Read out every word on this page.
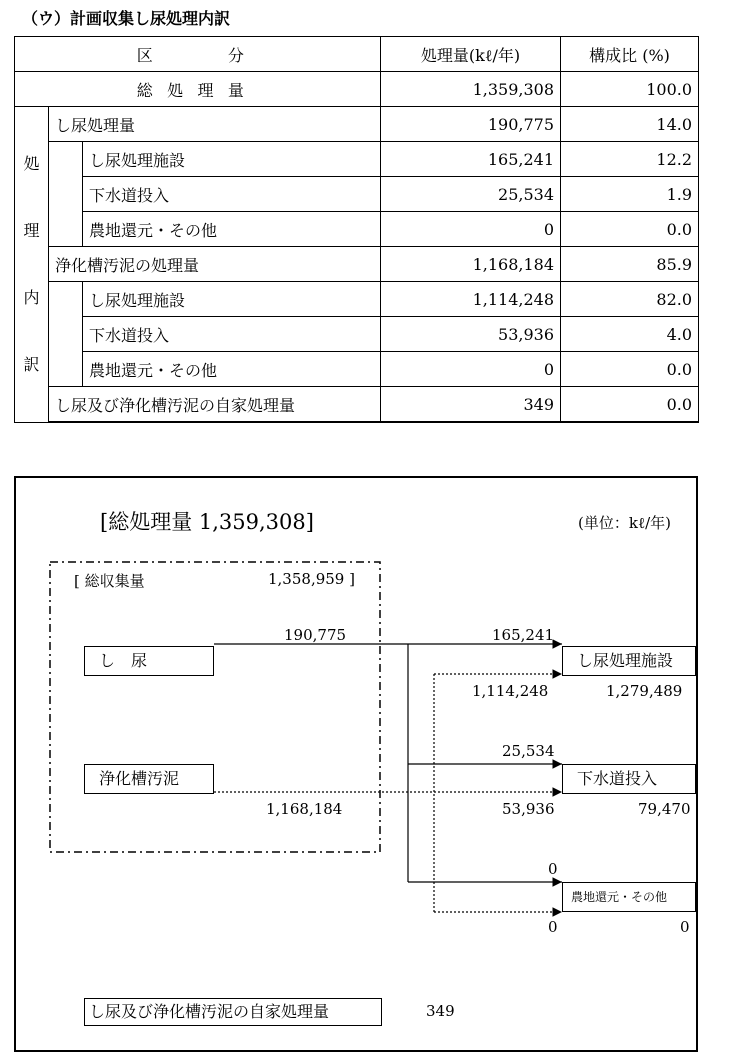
（ウ）計画収集し尿処理内訳
区　　分			処理量(kℓ/年)	構成比 (%)
総処理量			1,359,308	100.0

処
理
内
訳	し尿処理量		190,775	14.0
		し尿処理施設	165,241	12.2
		下水道投入	25,534	1.9
		農地還元・その他	0	0.0
	浄化槽汚泥の処理量		1,168,184	85.9
		し尿処理施設	1,114,248	82.0
		下水道投入	53,936	4.0
		農地還元・その他	0	0.0
	し尿及び浄化槽汚泥の自家処理量		349	0.0
[総処理量 1,359,308]	(単位：kℓ/年)
[ 総収集量	1,358,959 ]
し　尿
190,775
浄化槽汚泥
1,168,184
165,241
し尿処理施設
1,114,248	1,279,489
25,534
下水道投入
53,936	79,470
0
農地還元・その他
0	0
し尿及び浄化槽汚泥の自家処理量	349
